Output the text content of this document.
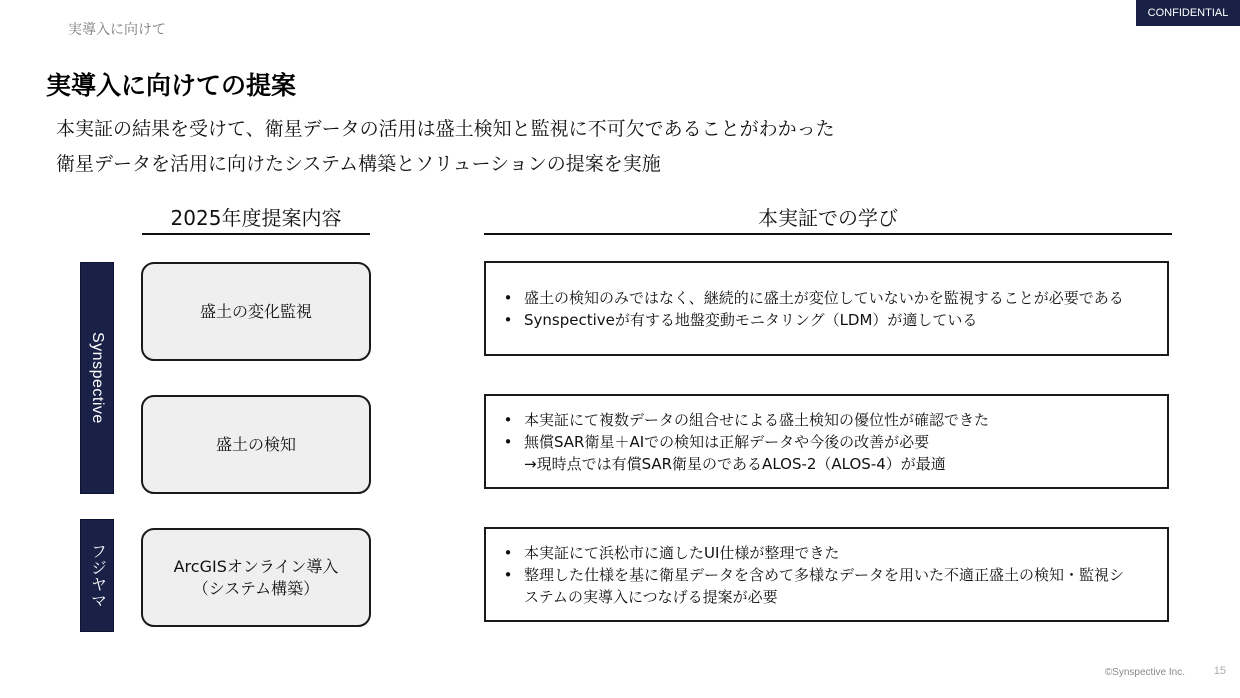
実導入に向けて
CONFIDENTIAL
実導入に向けての提案
本実証の結果を受けて、衛星データの活用は盛土検知と監視に不可欠であることがわかった
衛星データを活用に向けたシステム構築とソリューションの提案を実施
2025年度提案内容	本実証での学び
Synspective
フジヤマ
盛土の変化監視
盛土の検知
ArcGISオンライン導入
（システム構築）
• 盛土の検知のみではなく、継続的に盛土が変位していないかを監視することが必要である
• Synspectiveが有する地盤変動モニタリング（LDM）が適している
• 本実証にて複数データの組合せによる盛土検知の優位性が確認できた
• 無償SAR衛星＋AIでの検知は正解データや今後の改善が必要
→現時点では有償SAR衛星のであるALOS-2（ALOS-4）が最適
• 本実証にて浜松市に適したUI仕様が整理できた
• 整理した仕様を基に衛星データを含めて多様なデータを用いた不適正盛土の検知・監視シ
ステムの実導入につなげる提案が必要
©Synspective Inc.	15
